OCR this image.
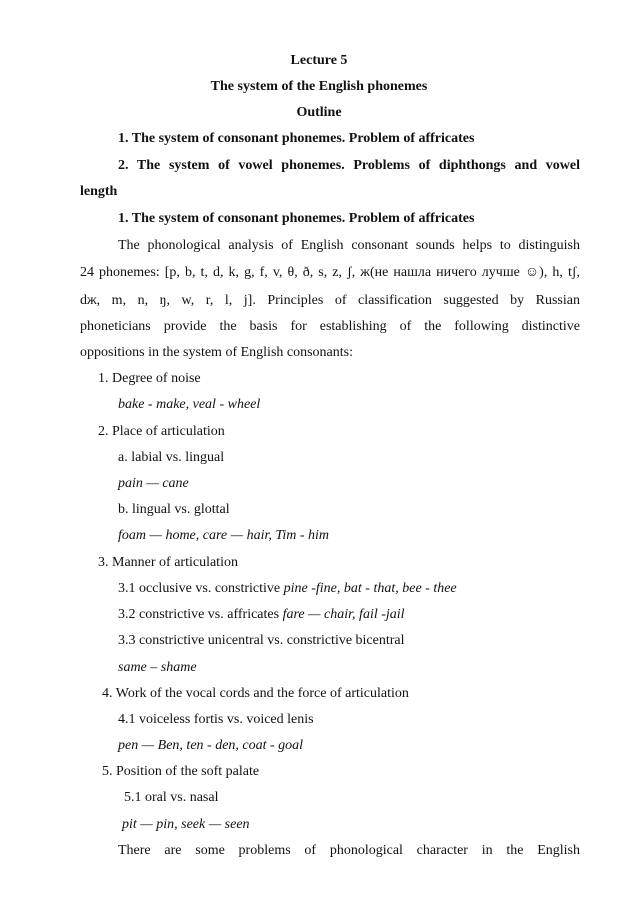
Lecture 5
The system of the English phonemes
Outline
1. The system of consonant phonemes. Problem of affricates
2. The system of vowel phonemes. Problems of diphthongs and vowel
length
1. The system of consonant phonemes. Problem of affricates
The phonological analysis of English consonant sounds helps to distinguish
24 phonemes: [p, b, t, d, k, g, f, v, θ, ð, s, z, ʃ, ж(не нашла ничего лучше ☺), h, tʃ,
dж, m, n, ŋ, w, r, l, j]. Principles of classification suggested by Russian
phoneticians provide the basis for establishing of the following distinctive
oppositions in the system of English consonants:
1. Degree of noise
bake - make, veal - wheel
2. Place of articulation
a. labial vs. lingual
pain — cane
b. lingual vs. glottal
foam — home, care — hair, Tim - him
3. Manner of articulation
3.1 occlusive vs. constrictive pine -fine, bat - that, bee - thee
3.2 constrictive vs. affricates fare — chair, fail -jail
3.3 constrictive unicentral vs. constrictive bicentral
same – shame
4. Work of the vocal cords and the force of articulation
4.1 voiceless fortis vs. voiced lenis
pen — Ben, ten - den, coat - goal
5. Position of the soft palate
5.1 oral vs. nasal
pit — pin, seek — seen
There are some problems of phonological character in the English
